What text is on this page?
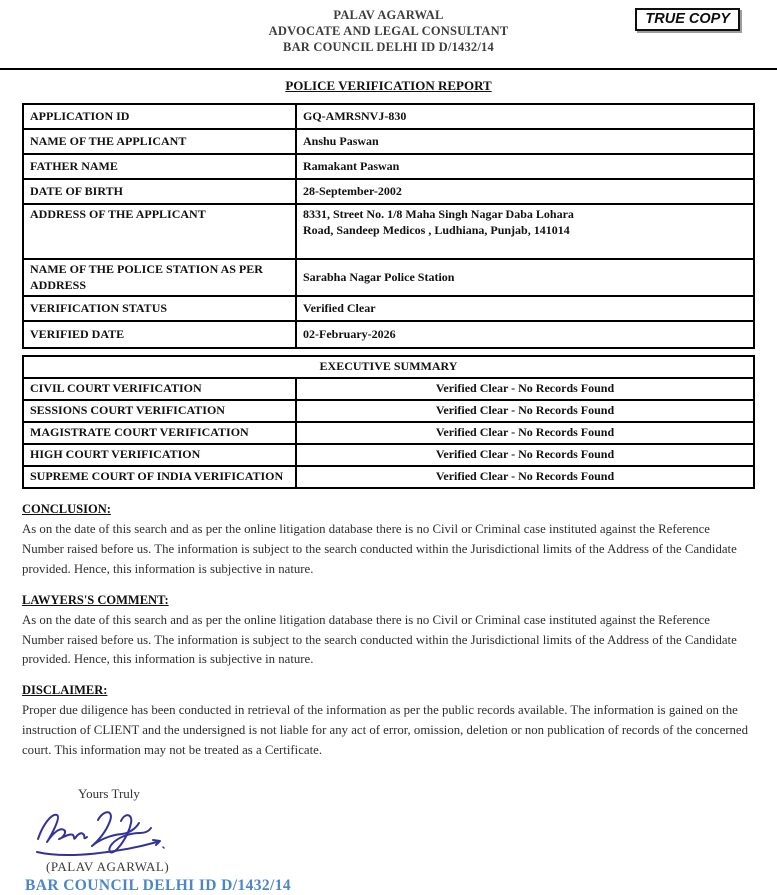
PALAV AGARWAL
ADVOCATE AND LEGAL CONSULTANT
BAR COUNCIL DELHI ID D/1432/14
TRUE COPY
POLICE VERIFICATION REPORT
APPLICATION ID	GQ-AMRSNVJ-830
NAME OF THE APPLICANT	Anshu Paswan
FATHER NAME	Ramakant Paswan
DATE OF BIRTH	28-September-2002
ADDRESS OF THE APPLICANT	8331, Street No. 1/8 Maha Singh Nagar Daba Lohara Road, Sandeep Medicos , Ludhiana, Punjab, 141014
NAME OF THE POLICE STATION AS PER ADDRESS	Sarabha Nagar Police Station
VERIFICATION STATUS	Verified Clear
VERIFIED DATE	02-February-2026
EXECUTIVE SUMMARY	
CIVIL COURT VERIFICATION	Verified Clear - No Records Found
SESSIONS COURT VERIFICATION	Verified Clear - No Records Found
MAGISTRATE COURT VERIFICATION	Verified Clear - No Records Found
HIGH COURT VERIFICATION	Verified Clear - No Records Found
SUPREME COURT OF INDIA VERIFICATION	Verified Clear - No Records Found
CONCLUSION:
As on the date of this search and as per the online litigation database there is no Civil or Criminal case instituted against the Reference Number raised before us. The information is subject to the search conducted within the Jurisdictional limits of the Address of the Candidate provided. Hence, this information is subjective in nature.
LAWYERS'S COMMENT:
As on the date of this search and as per the online litigation database there is no Civil or Criminal case instituted against the Reference Number raised before us. The information is subject to the search conducted within the Jurisdictional limits of the Address of the Candidate provided. Hence, this information is subjective in nature.
DISCLAIMER:
Proper due diligence has been conducted in retrieval of the information as per the public records available. The information is gained on the instruction of CLIENT and the undersigned is not liable for any act of error, omission, deletion or non publication of records of the concerned court. This information may not be treated as a Certificate.
Yours Truly
(PALAV AGARWAL)
BAR COUNCIL DELHI ID D/1432/14
